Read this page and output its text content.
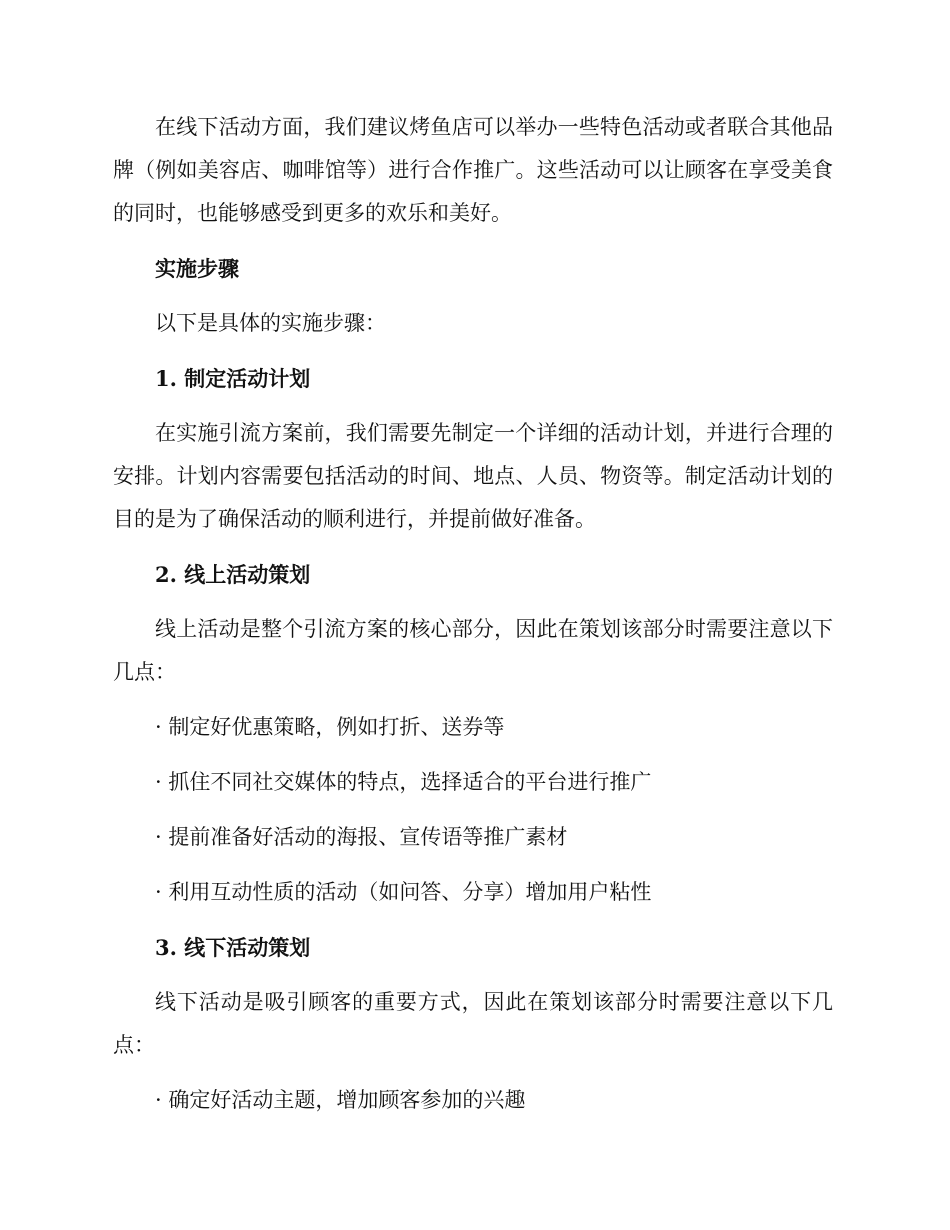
在线下活动方面，我们建议烤鱼店可以举办一些特色活动或者联合其他品牌（例如美容店、咖啡馆等）进行合作推广。这些活动可以让顾客在享受美食的同时，也能够感受到更多的欢乐和美好。

实施步骤

以下是具体的实施步骤：

1. 制定活动计划

在实施引流方案前，我们需要先制定一个详细的活动计划，并进行合理的安排。计划内容需要包括活动的时间、地点、人员、物资等。制定活动计划的目的是为了确保活动的顺利进行，并提前做好准备。

2. 线上活动策划

线上活动是整个引流方案的核心部分，因此在策划该部分时需要注意以下几点：

· 制定好优惠策略，例如打折、送券等

· 抓住不同社交媒体的特点，选择适合的平台进行推广

· 提前准备好活动的海报、宣传语等推广素材

· 利用互动性质的活动（如问答、分享）增加用户粘性

3. 线下活动策划

线下活动是吸引顾客的重要方式，因此在策划该部分时需要注意以下几点：

· 确定好活动主题，增加顾客参加的兴趣
